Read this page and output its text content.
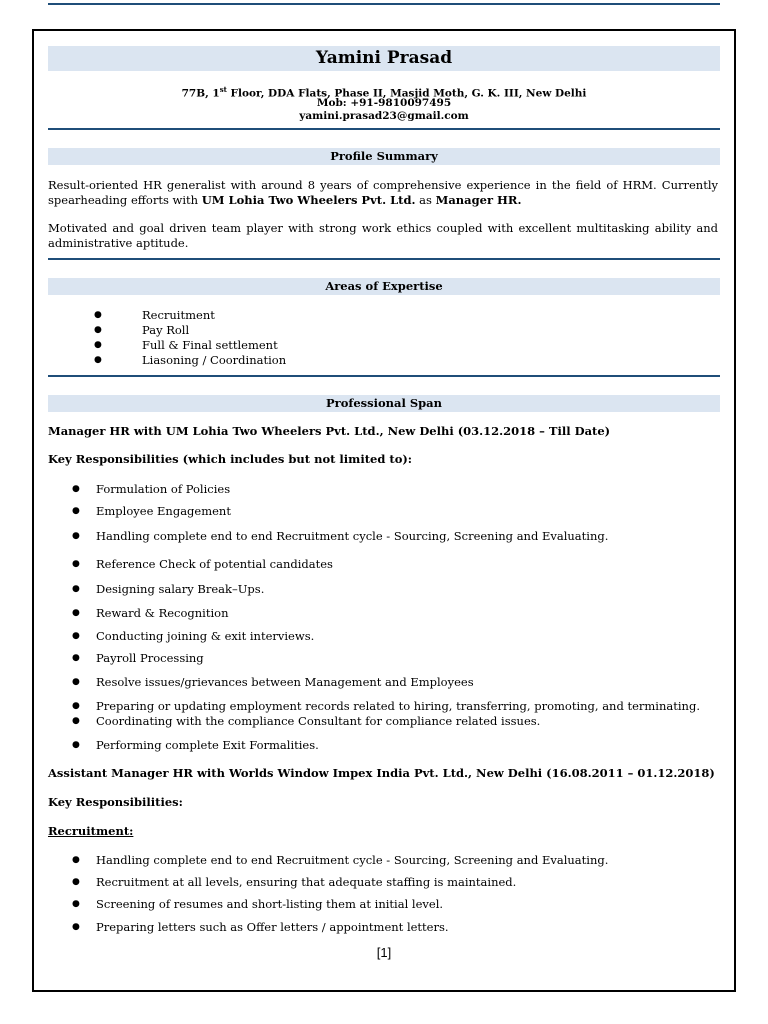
Yamini Prasad
77B, 1st Floor, DDA Flats, Phase II, Masjid Moth, G. K. III, New Delhi
Mob: +91-9810097495
yamini.prasad23@gmail.com
Profile Summary
Result-oriented HR generalist with around 8 years of comprehensive experience in the field of HRM. Currently spearheading efforts with UM Lohia Two Wheelers Pvt. Ltd. as Manager HR.
Motivated and goal driven team player with strong work ethics coupled with excellent multitasking ability and administrative aptitude.
Areas of Expertise
●	Recruitment
●	Pay Roll
●	Full & Final settlement
●	Liasoning / Coordination
Professional Span
Manager HR with UM Lohia Two Wheelers Pvt. Ltd., New Delhi (03.12.2018 – Till Date)
Key Responsibilities (which includes but not limited to):
● Formulation of Policies
● Employee Engagement
● Handling complete end to end Recruitment cycle - Sourcing, Screening and Evaluating.
● Reference Check of potential candidates
● Designing salary Break–Ups.
● Reward & Recognition
● Conducting joining & exit interviews.
● Payroll Processing
● Resolve issues/grievances between Management and Employees
● Preparing or updating employment records related to hiring, transferring, promoting, and terminating.
● Coordinating with the compliance Consultant for compliance related issues.
● Performing complete Exit Formalities.
Assistant Manager HR with Worlds Window Impex India Pvt. Ltd., New Delhi (16.08.2011 – 01.12.2018)
Key Responsibilities:
Recruitment:
● Handling complete end to end Recruitment cycle - Sourcing, Screening and Evaluating.
● Recruitment at all levels, ensuring that adequate staffing is maintained.
● Screening of resumes and short-listing them at initial level.
● Preparing letters such as Offer letters / appointment letters.
[1]
